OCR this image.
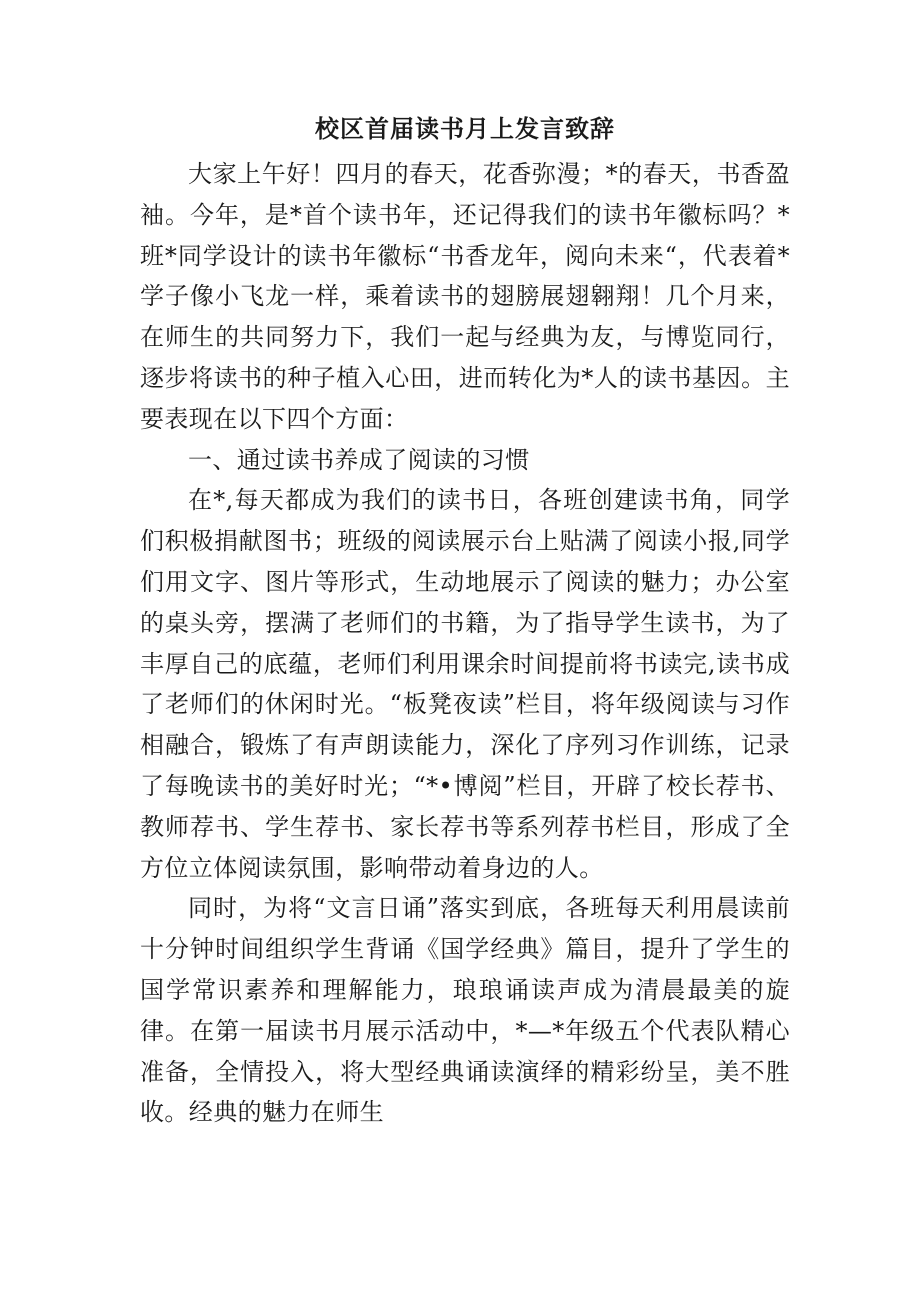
校区首届读书月上发言致辞

大家上午好！四月的春天，花香弥漫；*的春天，书香盈袖。今年，是*首个读书年，还记得我们的读书年徽标吗？*班*同学设计的读书年徽标“书香龙年，阅向未来“，代表着*学子像小飞龙一样，乘着读书的翅膀展翅翱翔！几个月来，在师生的共同努力下，我们一起与经典为友，与博览同行，逐步将读书的种子植入心田，进而转化为*人的读书基因。主要表现在以下四个方面：

一、通过读书养成了阅读的习惯

在*,每天都成为我们的读书日，各班创建读书角，同学们积极捐献图书；班级的阅读展示台上贴满了阅读小报,同学们用文字、图片等形式，生动地展示了阅读的魅力；办公室的桌头旁，摆满了老师们的书籍，为了指导学生读书，为了丰厚自己的底蕴，老师们利用课余时间提前将书读完,读书成了老师们的休闲时光。“板凳夜读”栏目，将年级阅读与习作相融合，锻炼了有声朗读能力，深化了序列习作训练，记录了每晚读书的美好时光；“*•博阅”栏目，开辟了校长荐书、教师荐书、学生荐书、家长荐书等系列荐书栏目，形成了全方位立体阅读氛围，影响带动着身边的人。

同时，为将“文言日诵”落实到底，各班每天利用晨读前十分钟时间组织学生背诵《国学经典》篇目，提升了学生的国学常识素养和理解能力，琅琅诵读声成为清晨最美的旋律。在第一届读书月展示活动中，*—*年级五个代表队精心准备，全情投入，将大型经典诵读演绎的精彩纷呈，美不胜收。经典的魅力在师生
